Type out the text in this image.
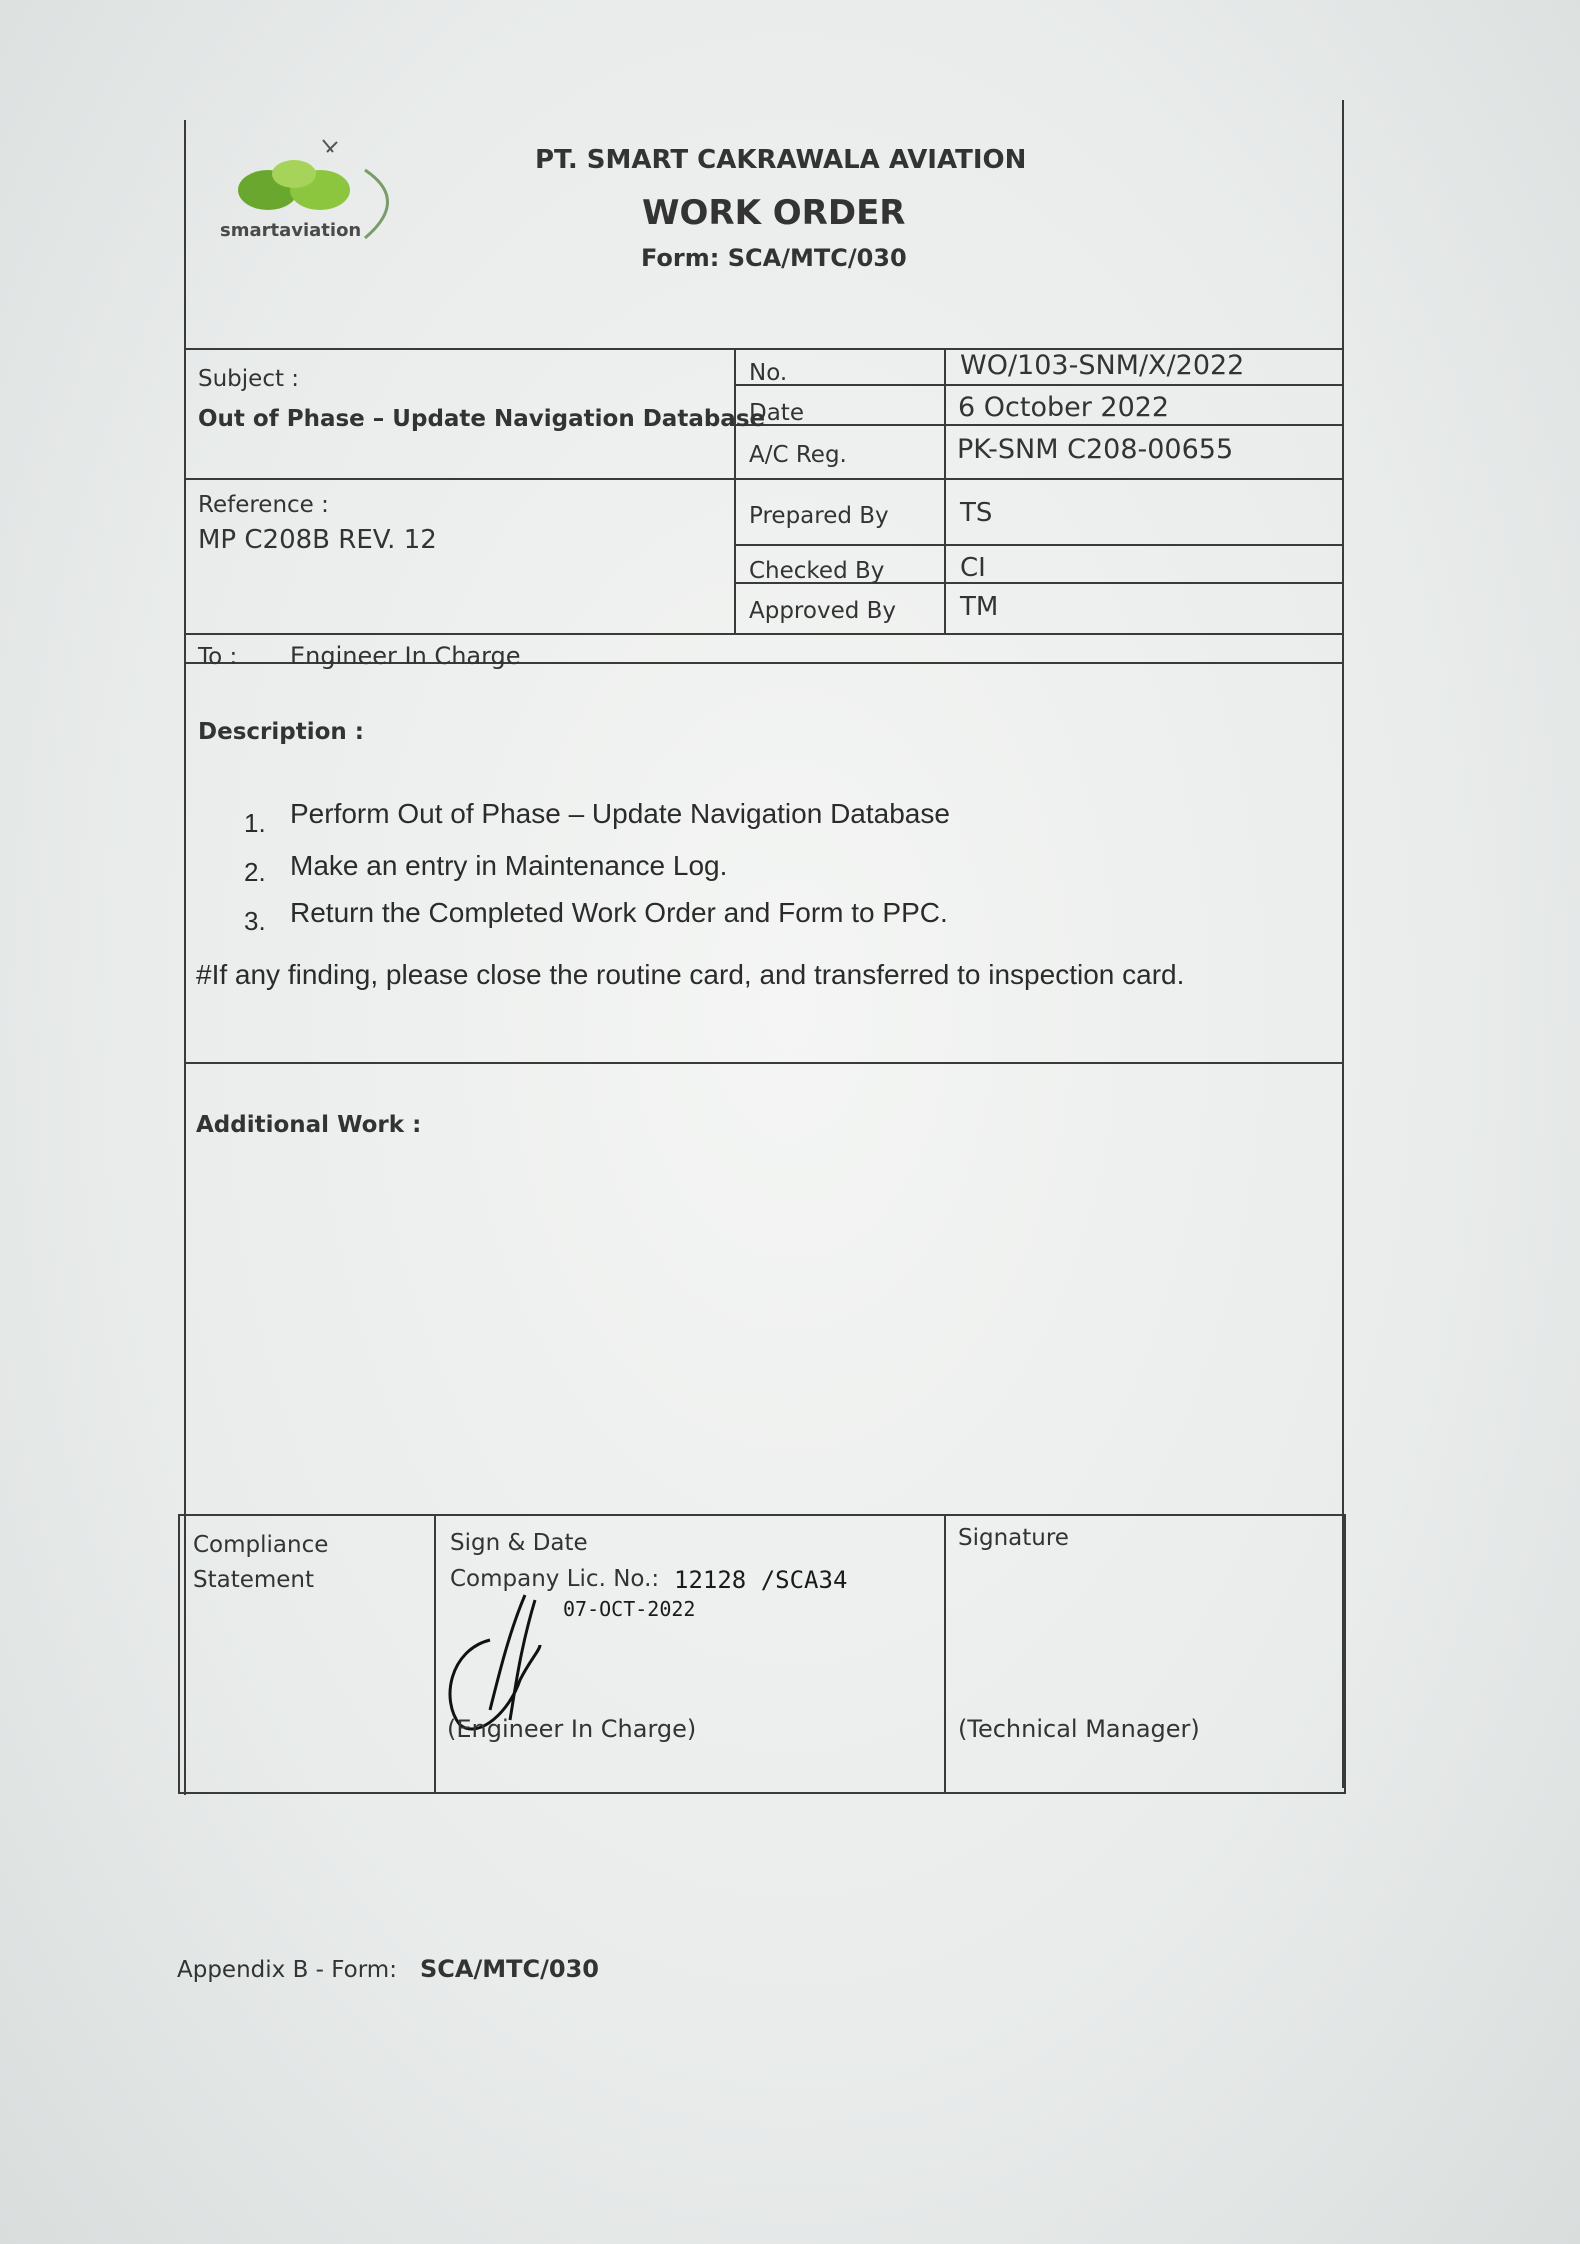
smartaviation
PT. SMART CAKRAWALA AVIATION
WORK ORDER
Form: SCA/MTC/030
Subject :
Out of Phase – Update Navigation Database
No.	WO/103-SNM/X/2022
Date	6 October 2022
A/C Reg.	PK-SNM C208-00655
Reference :
MP C208B REV. 12
Prepared By	TS
Checked By	CI
Approved By TM
To : Engineer In Charge
Description :
1. Perform Out of Phase – Update Navigation Database
2. Make an entry in Maintenance Log.
3. Return the Completed Work Order and Form to PPC.
#If any finding, please close the routine card, and transferred to inspection card.
Additional Work :
Compliance
Statement
Sign & Date
Company Lic. No.: 12128 /SCA34
07-OCT-2022
(Engineer In Charge)
Signature
(Technical Manager)
Appendix B - Form: SCA/MTC/030
